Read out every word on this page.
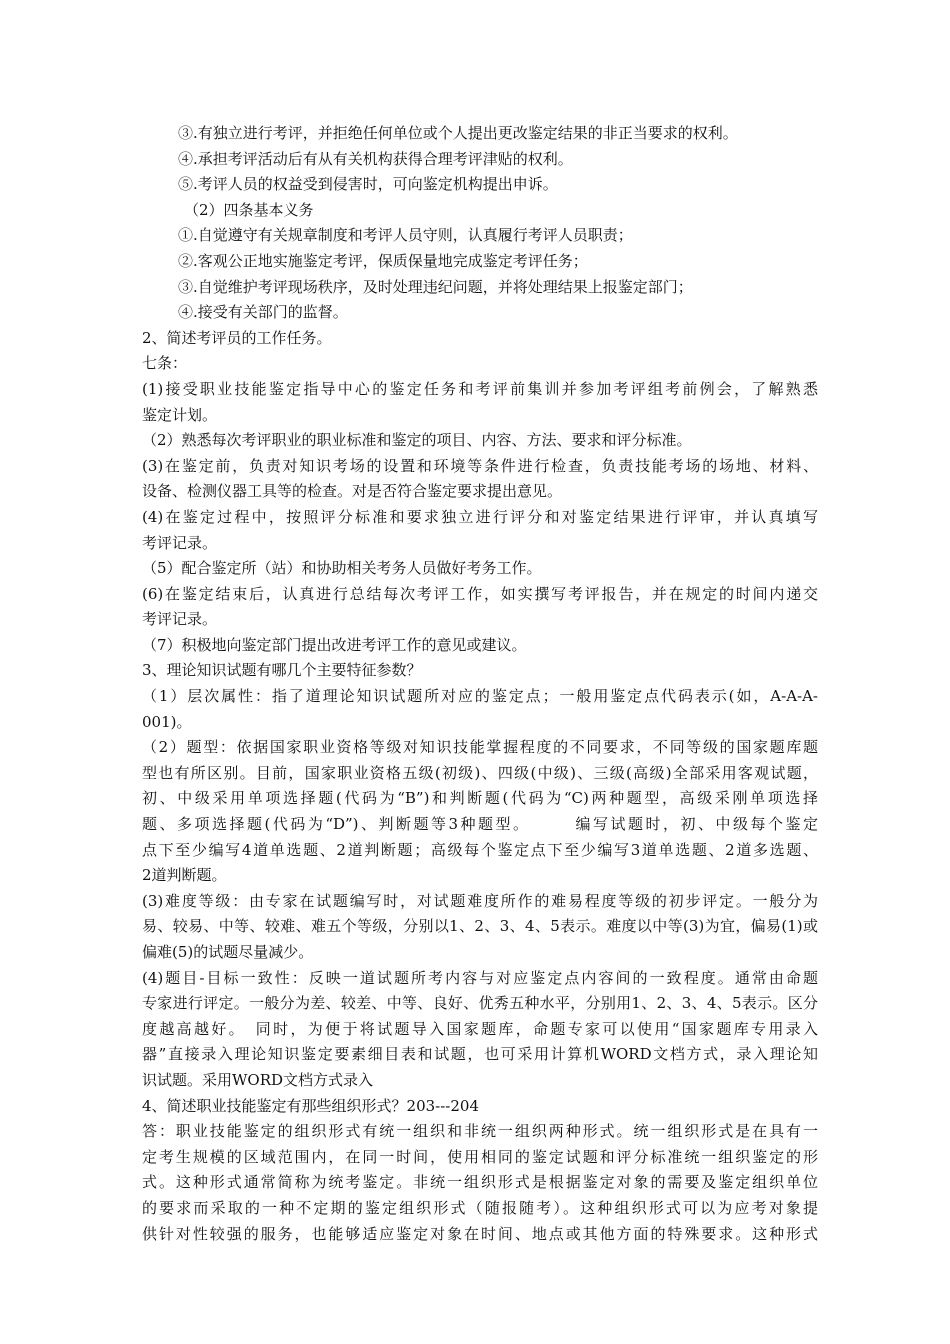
③.有独立进行考评，并拒绝任何单位或个人提出更改鉴定结果的非正当要求的权利。
④.承担考评活动后有从有关机构获得合理考评津贴的权利。
⑤.考评人员的权益受到侵害时，可向鉴定机构提出申诉。
（2）四条基本义务
①.自觉遵守有关规章制度和考评人员守则，认真履行考评人员职责；
②.客观公正地实施鉴定考评，保质保量地完成鉴定考评任务；
③.自觉维护考评现场秩序，及时处理违纪问题，并将处理结果上报鉴定部门；
④.接受有关部门的监督。
2、简述考评员的工作任务。
七条：
(1)接受职业技能鉴定指导中心的鉴定任务和考评前集训并参加考评组考前例会，了解熟悉
鉴定计划。
（2）熟悉每次考评职业的职业标准和鉴定的项目、内容、方法、要求和评分标准。
(3)在鉴定前，负责对知识考场的设置和环境等条件进行检查，负责技能考场的场地、材料、
设备、检测仪器工具等的检查。对是否符合鉴定要求提出意见。
(4)在鉴定过程中，按照评分标准和要求独立进行评分和对鉴定结果进行评审，并认真填写
考评记录。
（5）配合鉴定所（站）和协助相关考务人员做好考务工作。
(6)在鉴定结束后，认真进行总结每次考评工作，如实撰写考评报告，并在规定的时间内递交
考评记录。
（7）积极地向鉴定部门提出改进考评工作的意见或建议。
3、理论知识试题有哪几个主要特征参数？
（1）层次属性：指了道理论知识试题所对应的鉴定点；一般用鉴定点代码表示(如，A-A-A-
001)。
（2）题型：依据国家职业资格等级对知识技能掌握程度的不同要求，不同等级的国家题库题
型也有所区别。目前，国家职业资格五级(初级)、四级(中级)、三级(高级)全部采用客观试题，
初、中级采用单项选择题(代码为“B”)和判断题(代码为“C)两种题型，高级采刚单项选择
题、多项选择题(代码为“D”)、判断题等3种题型。　　　编写试题时，初、中级每个鉴定
点下至少编写4道单选题、2道判断题；高级每个鉴定点下至少编写3道单选题、2道多选题、
2道判断题。
(3)难度等级：由专家在试题编写时，对试题难度所作的难易程度等级的初步评定。一般分为
易、较易、中等、较难、难五个等级，分别以1、2、3、4、5表示。难度以中等(3)为宜，偏易(1)或
偏难(5)的试题尽量减少。
(4)题目-目标一致性：反映一道试题所考内容与对应鉴定点内容间的一致程度。通常由命题
专家进行评定。一般分为差、较差、中等、良好、优秀五种水平，分别用1、2、3、4、5表示。区分
度越高越好。　同时，为便于将试题导入国家题库，命题专家可以使用“国家题库专用录入
器”直接录入理论知识鉴定要素细目表和试题，也可采用计算机WORD文档方式，录入理论知
识试题。采用WORD文档方式录入
4、简述职业技能鉴定有那些组织形式？203---204
答：职业技能鉴定的组织形式有统一组织和非统一组织两种形式。统一组织形式是在具有一
定考生规模的区域范围内，在同一时间，使用相同的鉴定试题和评分标准统一组织鉴定的形
式。这种形式通常简称为统考鉴定。非统一组织形式是根据鉴定对象的需要及鉴定组织单位
的要求而采取的一种不定期的鉴定组织形式（随报随考）。这种组织形式可以为应考对象提
供针对性较强的服务，也能够适应鉴定对象在时间、地点或其他方面的特殊要求。这种形式
